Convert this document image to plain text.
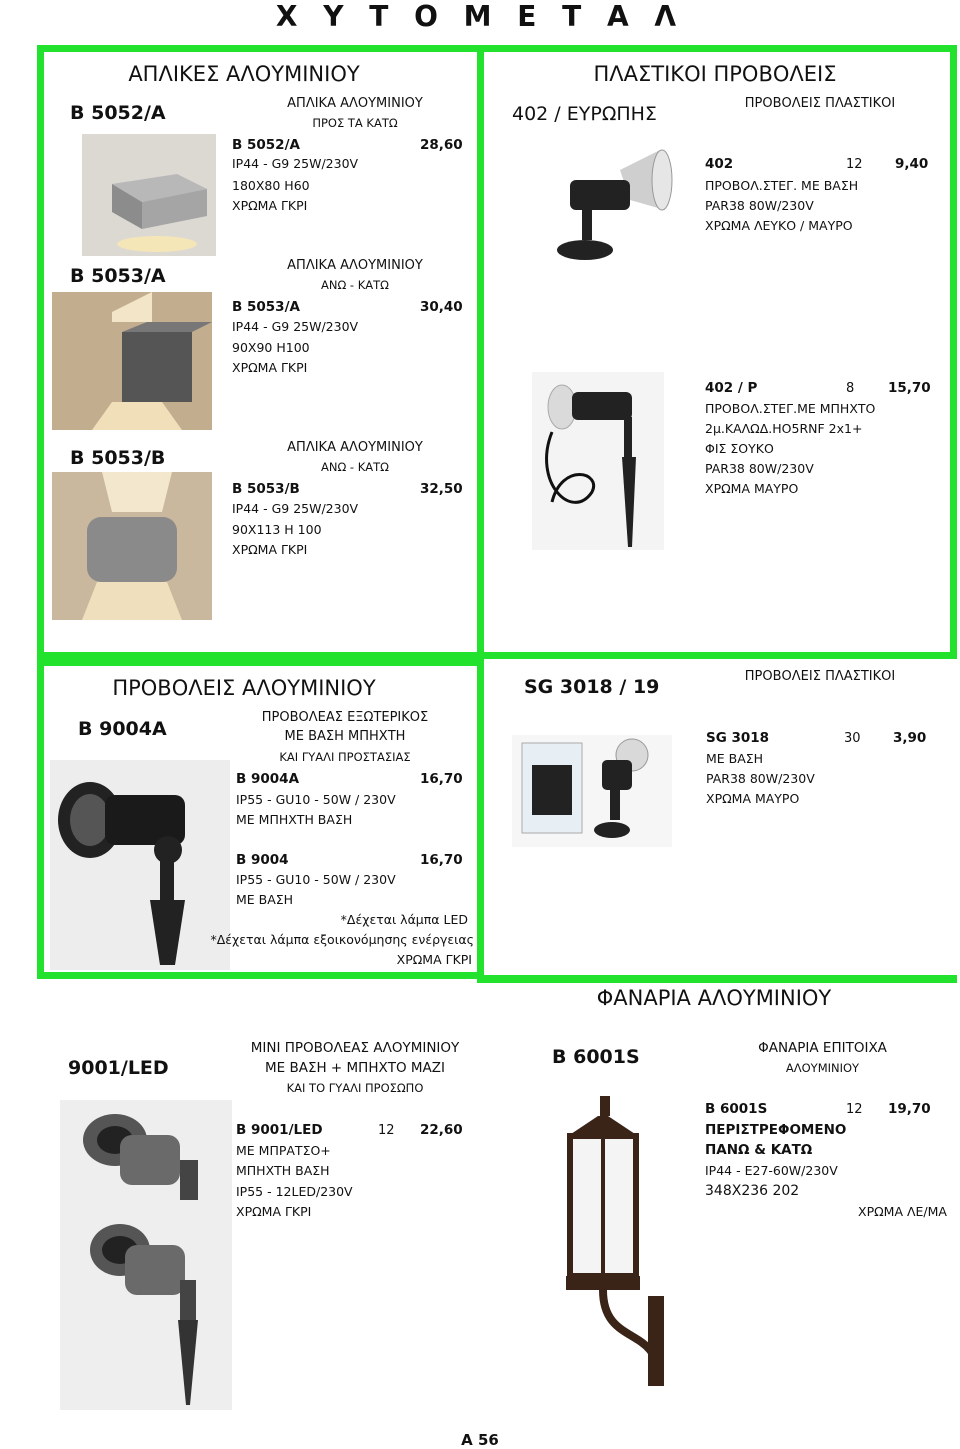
Χ Υ Τ Ο Μ Ε Τ Α Λ
ΑΠΛΙΚΕΣ ΑΛΟΥΜΙΝΙΟΥ
B 5052/A	ΑΠΛΙΚΑ ΑΛΟΥΜΙΝΙΟΥ
ΠΡΟΣ ΤΑ ΚΑΤΩ
B 5052/A	28,60
IP44 - G9 25W/230V
180X80 H60
ΧΡΩΜΑ ΓΚΡΙ
B 5053/A	ΑΠΛΙΚΑ ΑΛΟΥΜΙΝΙΟΥ
ΑΝΩ - ΚΑΤΩ
B 5053/A	30,40
IP44 - G9 25W/230V
90X90 H100
ΧΡΩΜΑ ΓΚΡΙ
B 5053/B	ΑΠΛΙΚΑ ΑΛΟΥΜΙΝΙΟΥ
ΑΝΩ - ΚΑΤΩ
B 5053/B	32,50
IP44 - G9 25W/230V
90X113 H 100
ΧΡΩΜΑ ΓΚΡΙ
ΠΛΑΣΤΙΚΟΙ ΠΡΟΒΟΛΕΙΣ
402 / ΕΥΡΩΠΗΣ	ΠΡΟΒΟΛΕΙΣ ΠΛΑΣΤΙΚΟΙ
402	12 9,40
ΠΡΟΒΟΛ.ΣΤΕΓ. ΜΕ ΒΑΣΗ
PAR38 80W/230V
ΧΡΩΜΑ ΛΕΥΚΟ / ΜΑΥΡΟ
402 / P	8 15,70
ΠΡΟΒΟΛ.ΣΤΕΓ.ΜΕ ΜΠΗΧΤΟ
2μ.ΚΑΛΩΔ.HO5RNF 2x1+
ΦΙΣ ΣΟΥΚΟ
PAR38 80W/230V
ΧΡΩΜΑ ΜΑΥΡΟ
ΠΡΟΒΟΛΕΙΣ ΑΛΟΥΜΙΝΙΟΥ
B 9004A
ΠΡΟΒΟΛΕΑΣ ΕΞΩΤΕΡΙΚΟΣ
ΜΕ ΒΑΣΗ ΜΠΗΧΤΗ
ΚΑΙ ΓΥΑΛΙ ΠΡΟΣΤΑΣΙΑΣ
B 9004A	16,70
IP55 - GU10 - 50W / 230V
ΜΕ ΜΠΗΧΤΗ ΒΑΣΗ
B 9004	16,70
IP55 - GU10 - 50W / 230V
ΜΕ ΒΑΣΗ
*Δέχεται λάμπα LED
*Δέχεται λάμπα εξοικονόμησης ενέργειας
ΧΡΩΜΑ ΓΚΡΙ
SG 3018 / 19	ΠΡΟΒΟΛΕΙΣ ΠΛΑΣΤΙΚΟΙ
SG 3018	30 3,90
ΜΕ ΒΑΣΗ
PAR38 80W/230V
ΧΡΩΜΑ ΜΑΥΡΟ
ΦΑΝΑΡΙΑ ΑΛΟΥΜΙΝΙΟΥ
9001/LED
ΜΙΝΙ ΠΡΟΒΟΛΕΑΣ ΑΛΟΥΜΙΝΙΟΥ
ΜΕ ΒΑΣΗ + ΜΠΗΧΤΟ ΜΑΖΙ
ΚΑΙ ΤΟ ΓΥΑΛΙ ΠΡΟΣΩΠΟ
B 9001/LED	12 22,60
ΜΕ ΜΠΡΑΤΣΟ+
ΜΠΗΧΤΗ ΒΑΣΗ
IP55 - 12LED/230V
ΧΡΩΜΑ ΓΚΡΙ
B 6001S	ΦΑΝΑΡΙΑ ΕΠΙΤΟΙΧΑ
ΑΛΟΥΜΙΝΙΟΥ
B 6001S	12 19,70
ΠΕΡΙΣΤΡΕΦΟΜΕΝΟ
ΠΑΝΩ & ΚΑΤΩ
IP44 - E27-60W/230V
348X236 202
ΧΡΩΜΑ ΛΕ/ΜΑ
A 56
